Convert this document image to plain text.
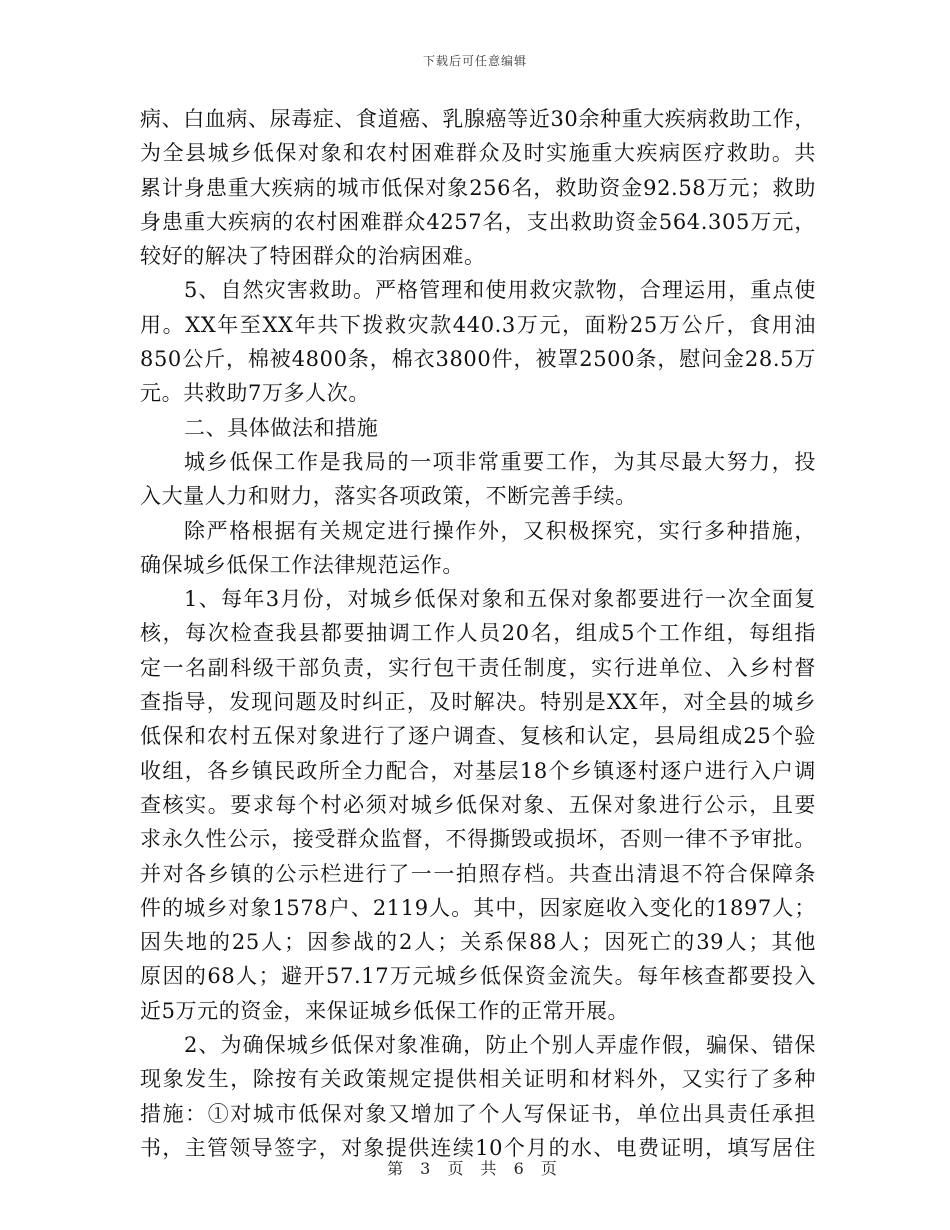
下载后可任意编辑
病、白血病、尿毒症、食道癌、乳腺癌等近30余种重大疾病救助工作，
为全县城乡低保对象和农村困难群众及时实施重大疾病医疗救助。共
累计身患重大疾病的城市低保对象256名，救助资金92.58万元；救助
身患重大疾病的农村困难群众4257名，支出救助资金564.305万元，
较好的解决了特困群众的治病困难。
5、自然灾害救助。严格管理和使用救灾款物，合理运用，重点使
用。XX年至XX年共下拨救灾款440.3万元，面粉25万公斤，食用油
850公斤，棉被4800条，棉衣3800件，被罩2500条，慰问金28.5万
元。共救助7万多人次。
二、具体做法和措施
城乡低保工作是我局的一项非常重要工作，为其尽最大努力，投
入大量人力和财力，落实各项政策，不断完善手续。
除严格根据有关规定进行操作外，又积极探究，实行多种措施，
确保城乡低保工作法律规范运作。
1、每年3月份，对城乡低保对象和五保对象都要进行一次全面复
核，每次检查我县都要抽调工作人员20名，组成5个工作组，每组指
定一名副科级干部负责，实行包干责任制度，实行进单位、入乡村督
查指导，发现问题及时纠正，及时解决。特别是XX年，对全县的城乡
低保和农村五保对象进行了逐户调查、复核和认定，县局组成25个验
收组，各乡镇民政所全力配合，对基层18个乡镇逐村逐户进行入户调
查核实。要求每个村必须对城乡低保对象、五保对象进行公示，且要
求永久性公示，接受群众监督，不得撕毁或损坏，否则一律不予审批。
并对各乡镇的公示栏进行了一一拍照存档。共查出清退不符合保障条
件的城乡对象1578户、2119人。其中，因家庭收入变化的1897人；
因失地的25人；因参战的2人；关系保88人；因死亡的39人；其他
原因的68人；避开57.17万元城乡低保资金流失。每年核查都要投入
近5万元的资金，来保证城乡低保工作的正常开展。
2、为确保城乡低保对象准确，防止个别人弄虚作假，骗保、错保
现象发生，除按有关政策规定提供相关证明和材料外，又实行了多种
措施：①对城市低保对象又增加了个人写保证书，单位出具责任承担
书，主管领导签字，对象提供连续10个月的水、电费证明，填写居住
第 3 页 共 6 页
